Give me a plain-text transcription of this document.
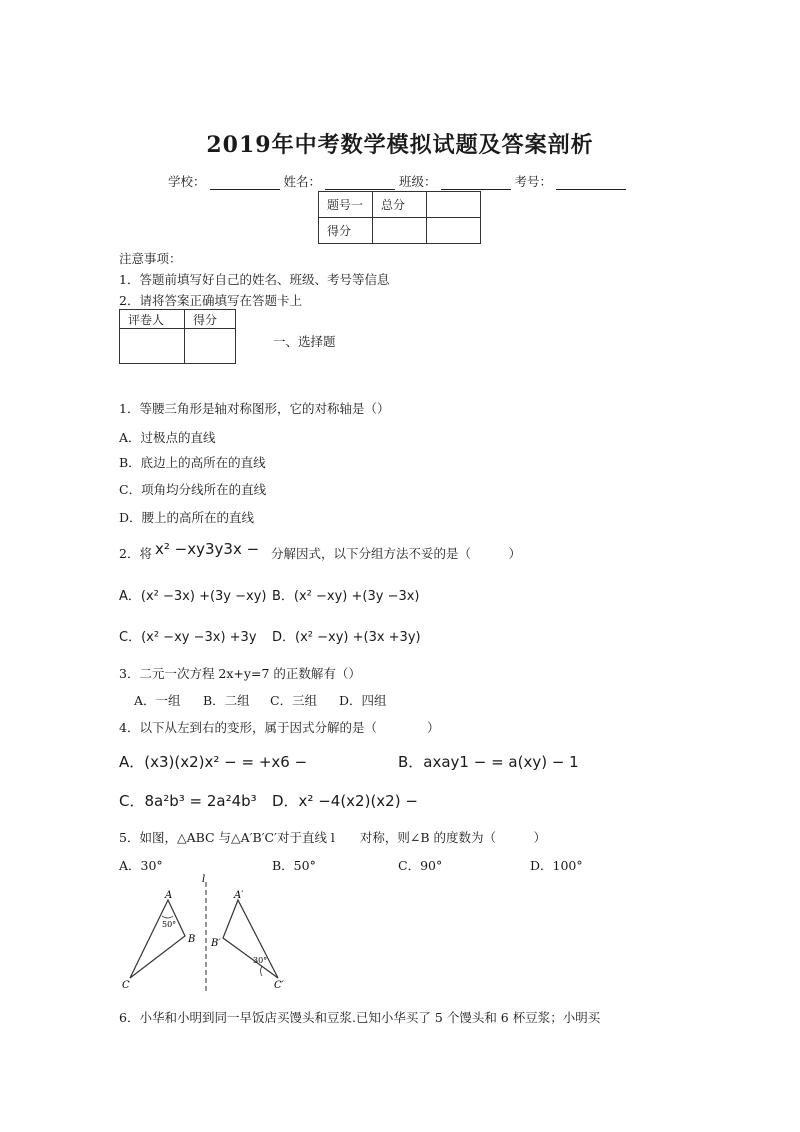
2019年中考数学模拟试题及答案剖析
学校：	姓名：	班级：	考号：
题号一	总分	
得分		
注意事项：
1．答题前填写好自己的姓名、班级、考号等信息
2．请将答案正确填写在答题卡上
评卷人	得分

一、选择题
1．等腰三角形是轴对称图形，它的对称轴是（）
A．过极点的直线
B．底边上的高所在的直线
C．项角均分线所在的直线
D．腰上的高所在的直线
2．将 x² −xy3y3x − 分解因式，以下分组方法不妥的是（　　　）
A．(x² −3x) +(3y −xy) B．(x² −xy) +(3y −3x)
C．(x² −xy −3x) +3y D．(x² −xy) +(3x +3y)
3．二元一次方程 2x+y=7 的正数解有（）
A．一组 B．二组 C．三组 D．四组
4．以下从左到右的变形，属于因式分解的是（　　　　）
A．(x3)(x2)x² − = +x6 −	B．axay1 − = a(xy) − 1
C．8a²b³ = 2a²4b³ D．x² −4(x2)(x2) −
5．如图，△ABC 与△A′B′C′对于直线 l　　对称，则∠B 的度数为（　　　）
A．30°	B．50°	C．90°	D．100°
A
B
C
A′
B′
C′
l
50°
30°
6．小华和小明到同一早饭店买馒头和豆浆.已知小华买了 5 个馒头和 6 杯豆浆；小明买
